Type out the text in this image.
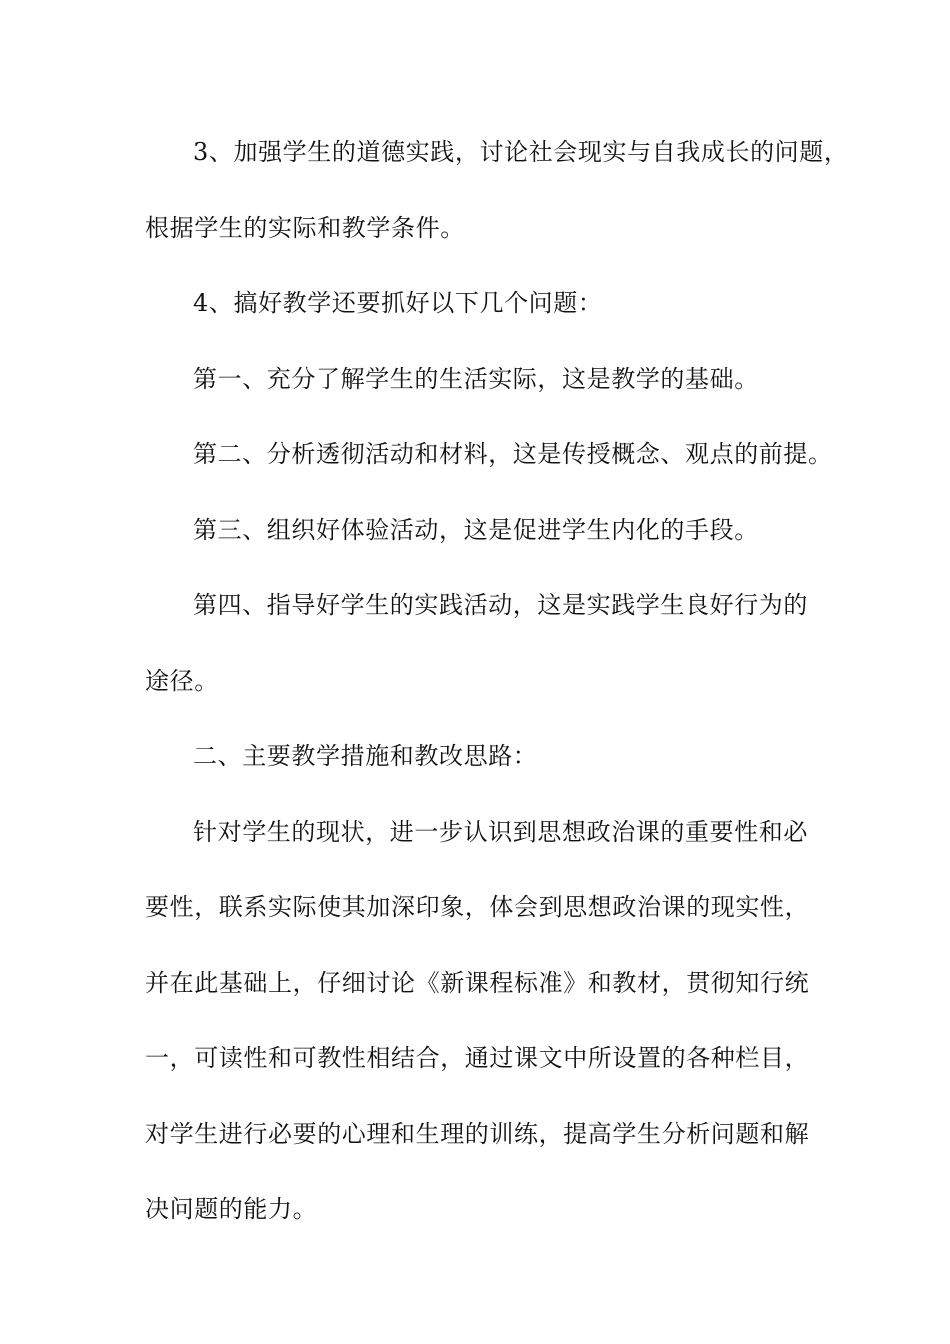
3、加强学生的道德实践，讨论社会现实与自我成长的问题，
根据学生的实际和教学条件。
4、搞好教学还要抓好以下几个问题：
第一、充分了解学生的生活实际，这是教学的基础。
第二、分析透彻活动和材料，这是传授概念、观点的前提。
第三、组织好体验活动，这是促进学生内化的手段。
第四、指导好学生的实践活动，这是实践学生良好行为的
途径。
二、主要教学措施和教改思路：
针对学生的现状，进一步认识到思想政治课的重要性和必
要性，联系实际使其加深印象，体会到思想政治课的现实性，
并在此基础上，仔细讨论《新课程标准》和教材，贯彻知行统
一，可读性和可教性相结合，通过课文中所设置的各种栏目，
对学生进行必要的心理和生理的训练，提高学生分析问题和解
决问题的能力。
